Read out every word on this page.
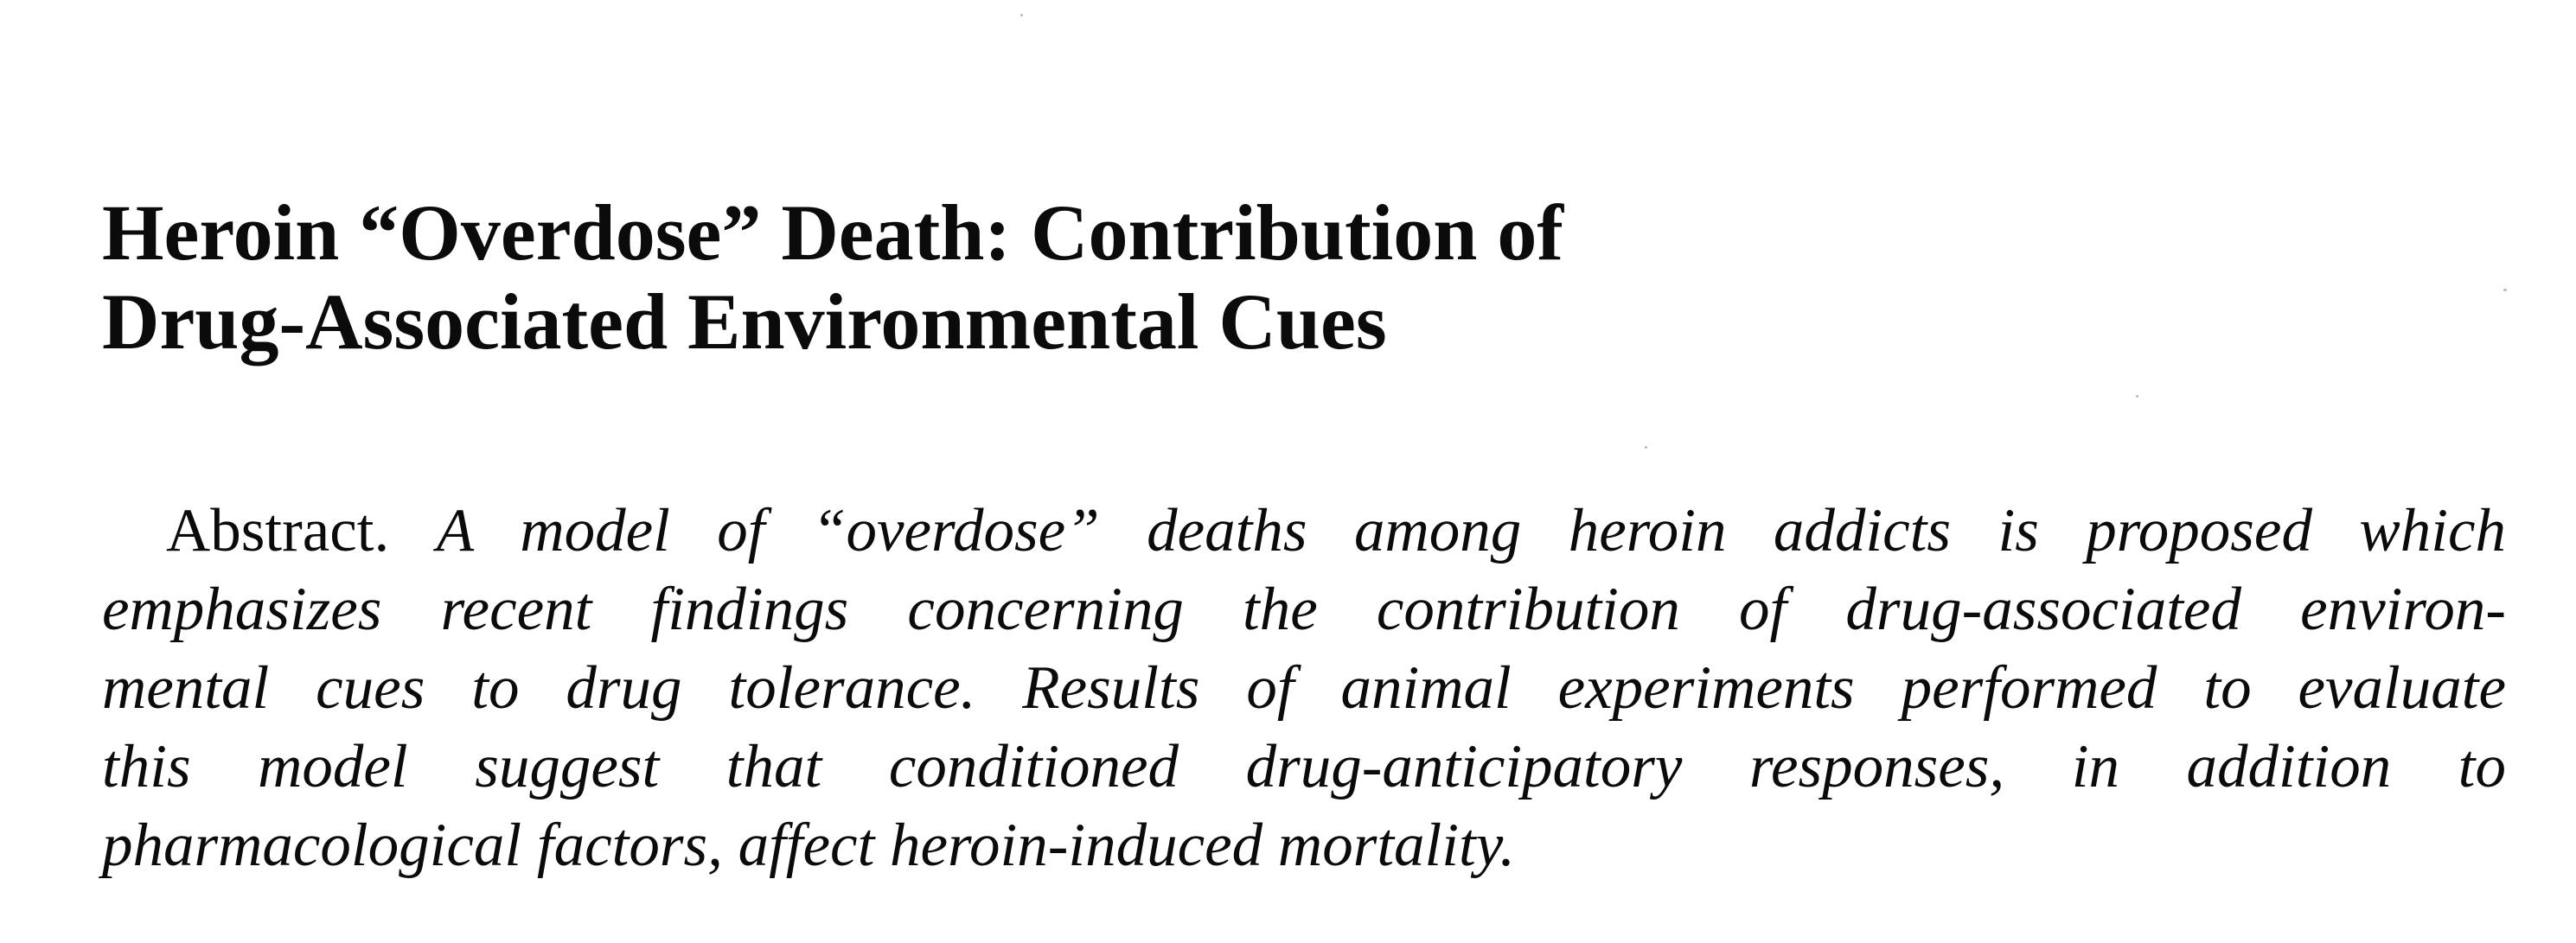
Heroin “Overdose” Death: Contribution of
Drug-Associated Environmental Cues
Abstract. A model of “overdose” deaths among heroin addicts is proposed which
emphasizes recent findings concerning the contribution of drug-associated environ-
mental cues to drug tolerance. Results of animal experiments performed to evaluate
this model suggest that conditioned drug-anticipatory responses, in addition to
pharmacological factors, affect heroin-induced mortality.
